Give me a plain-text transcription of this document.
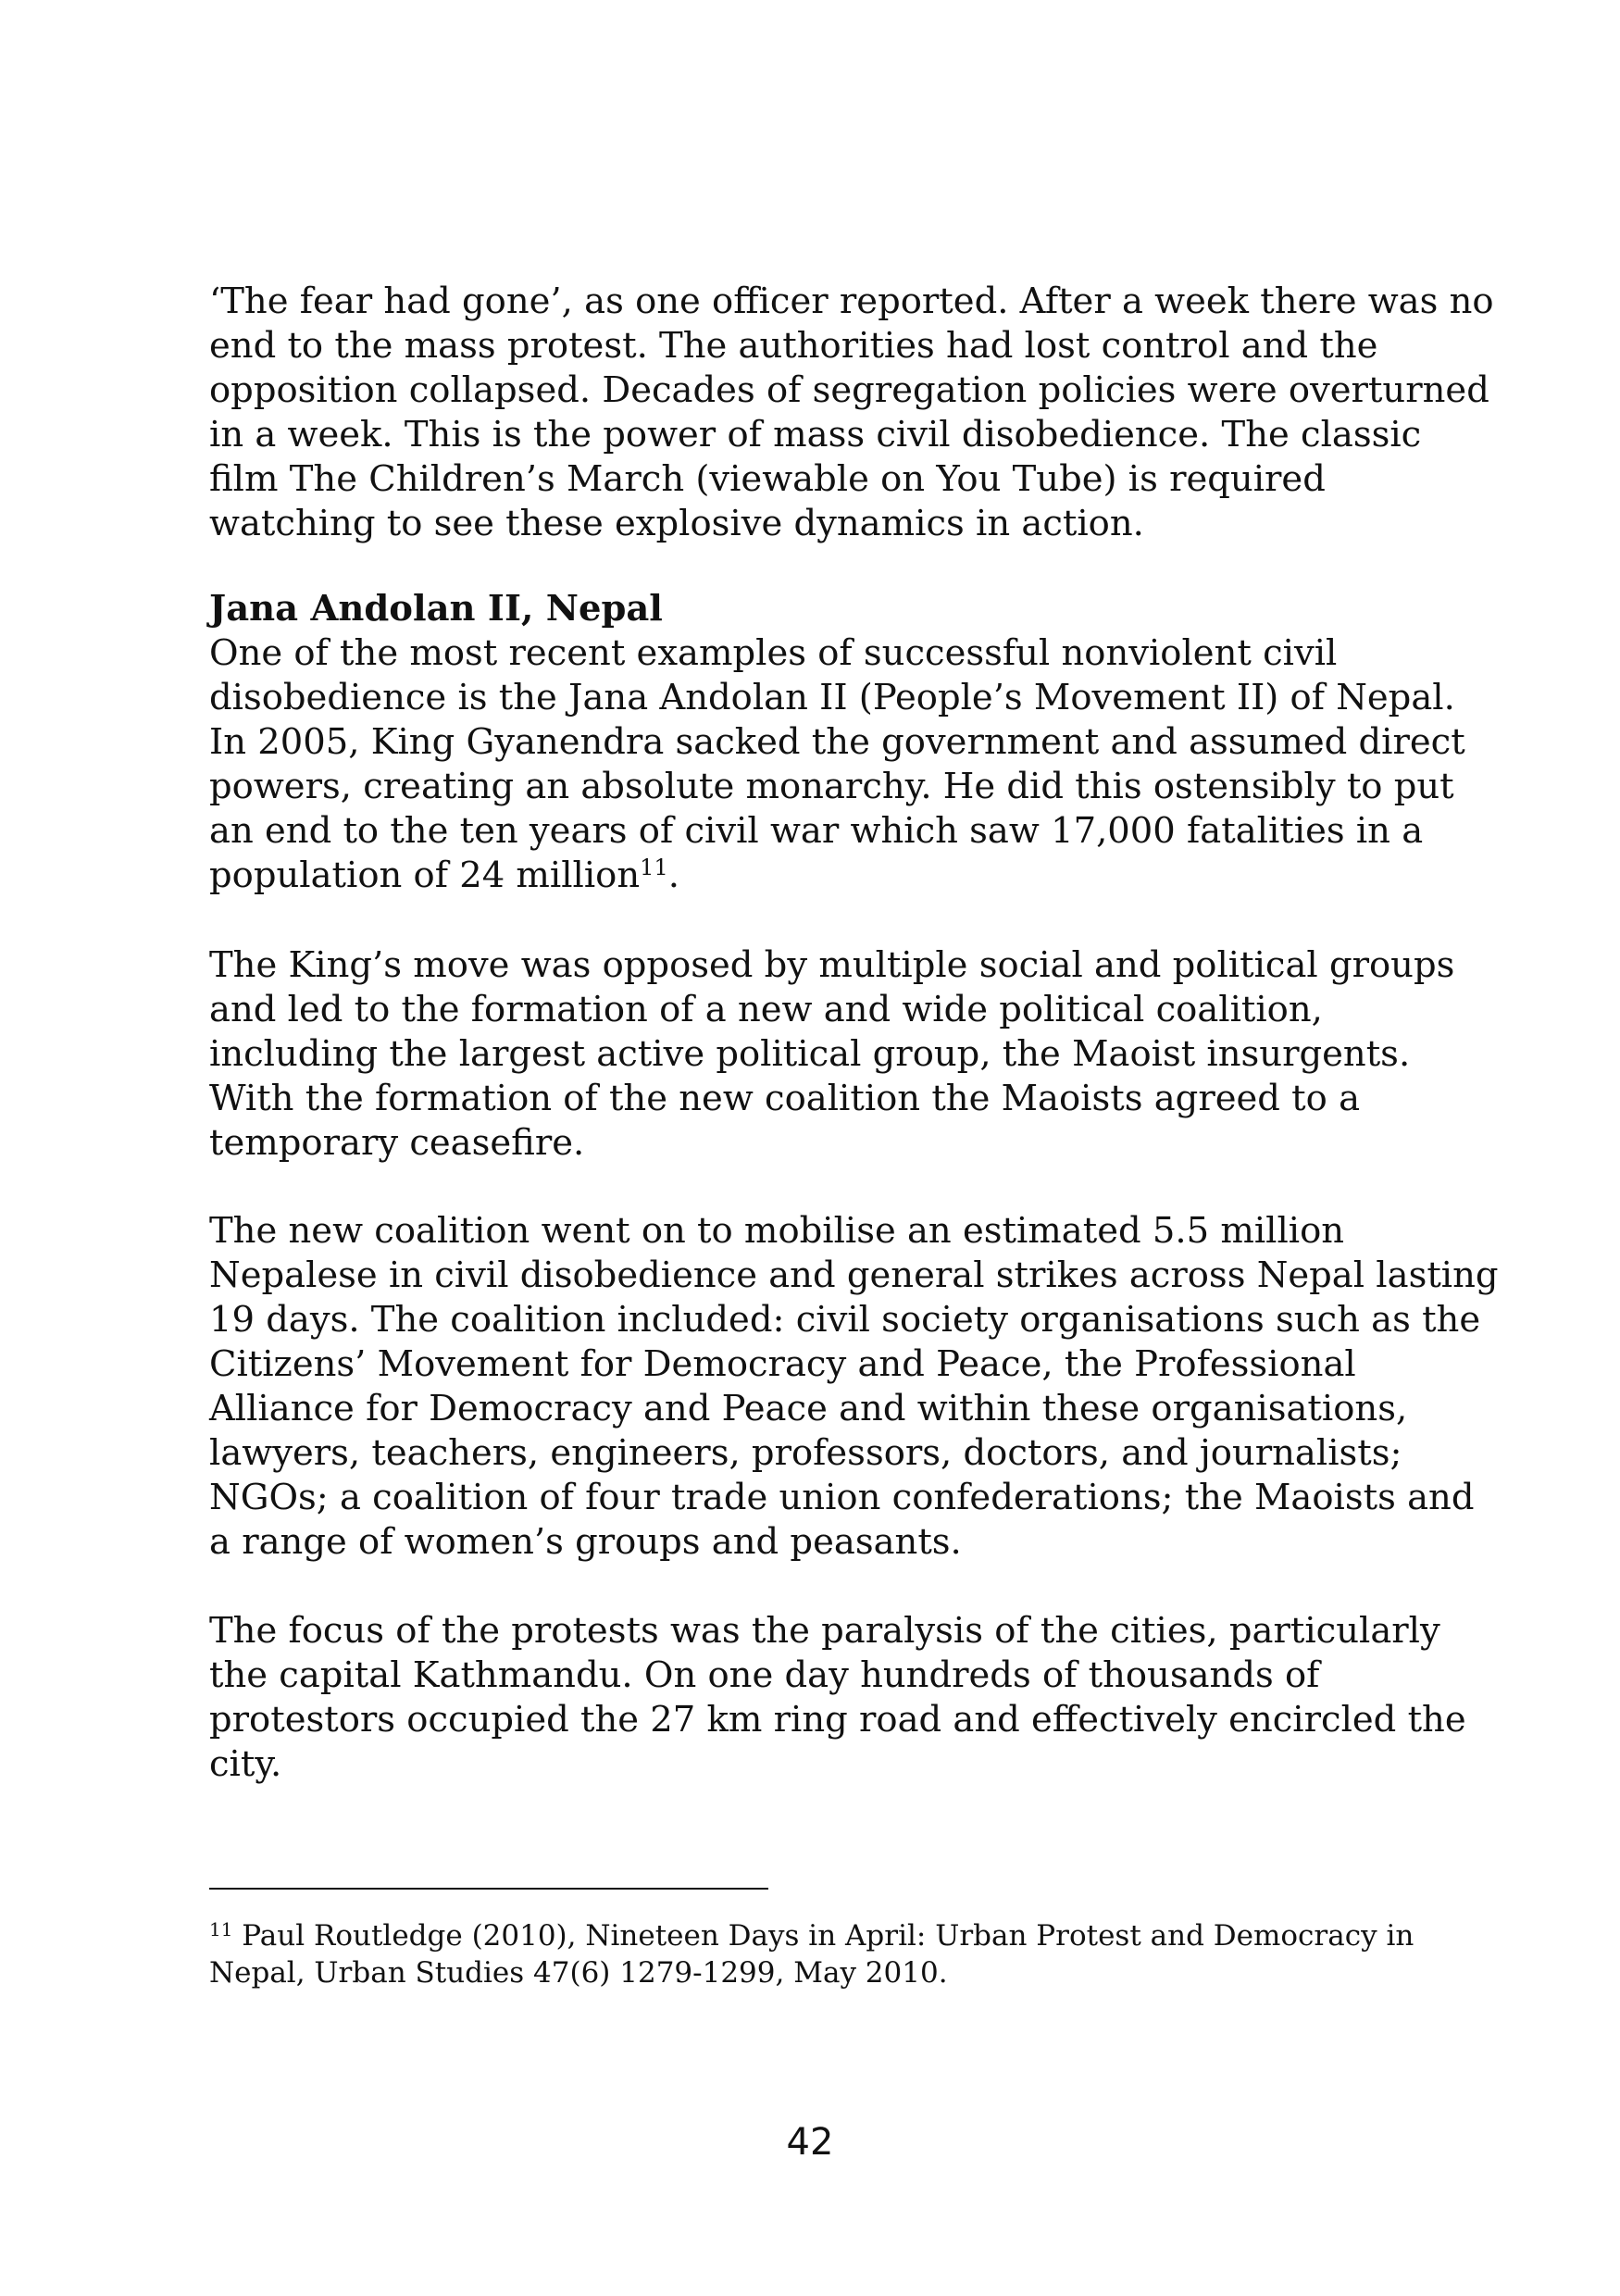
‘The fear had gone’, as one officer reported. After a week there was no
end to the mass protest. The authorities had lost control and the
opposition collapsed. Decades of segregation policies were overturned
in a week. This is the power of mass civil disobedience. The classic
film The Children’s March (viewable on You Tube) is required
watching to see these explosive dynamics in action.

Jana Andolan II, Nepal

One of the most recent examples of successful nonviolent civil
disobedience is the Jana Andolan II (People’s Movement II) of Nepal.
In 2005, King Gyanendra sacked the government and assumed direct
powers, creating an absolute monarchy. He did this ostensibly to put
an end to the ten years of civil war which saw 17,000 fatalities in a
population of 24 million$^{11}$.

The King’s move was opposed by multiple social and political groups
and led to the formation of a new and wide political coalition,
including the largest active political group, the Maoist insurgents.
With the formation of the new coalition the Maoists agreed to a
temporary ceasefire.

The new coalition went on to mobilise an estimated 5.5 million
Nepalese in civil disobedience and general strikes across Nepal lasting
19 days. The coalition included: civil society organisations such as the
Citizens’ Movement for Democracy and Peace, the Professional
Alliance for Democracy and Peace and within these organisations,
lawyers, teachers, engineers, professors, doctors, and journalists;
NGOs; a coalition of four trade union confederations; the Maoists and
a range of women’s groups and peasants.

The focus of the protests was the paralysis of the cities, particularly
the capital Kathmandu. On one day hundreds of thousands of
protestors occupied the 27 km ring road and effectively encircled the
city.

$^{11}$ Paul Routledge (2010), Nineteen Days in April: Urban Protest and Democracy in
Nepal, Urban Studies 47(6) 1279-1299, May 2010.

42
